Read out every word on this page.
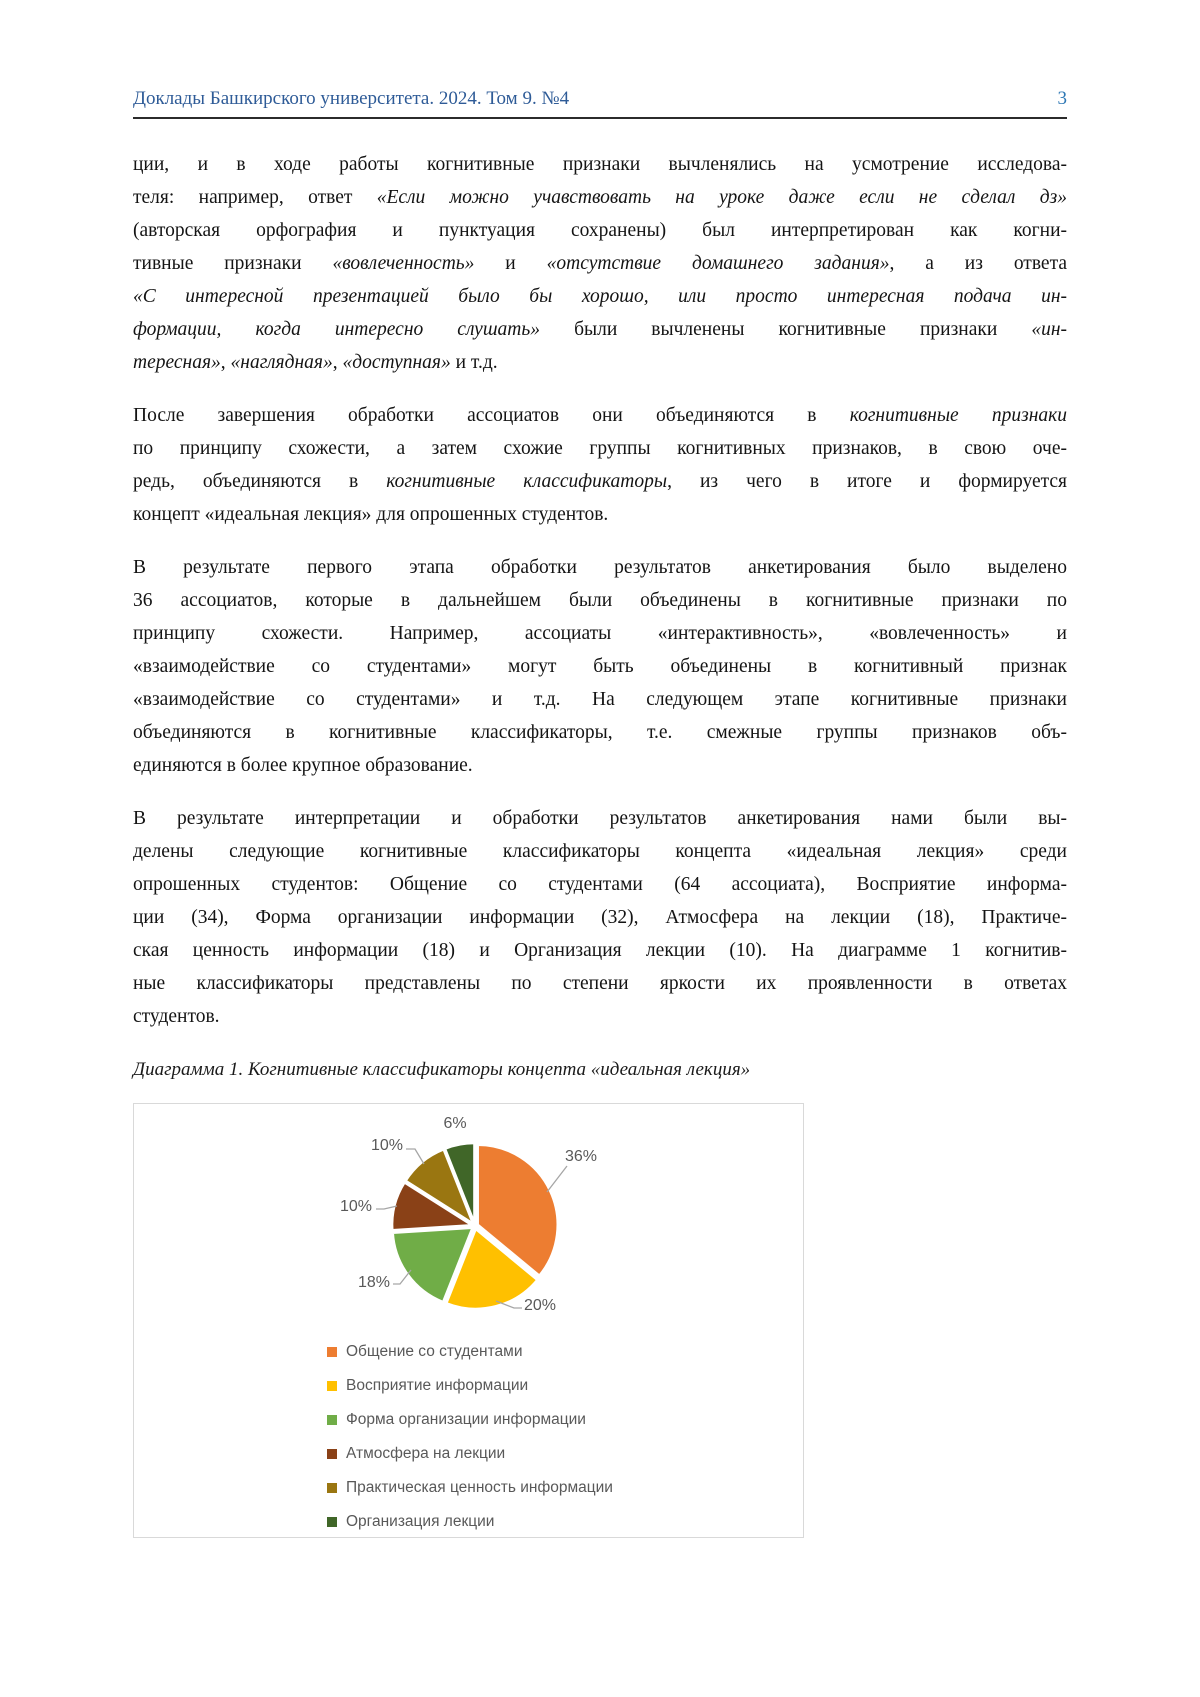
Доклады Башкирского университета. 2024. Том 9. №4	3
ции, и в ходе работы когнитивные признаки вычленялись на усмотрение исследова-
теля: например, ответ «Если можно учавствовать на уроке даже если не сделал дз»
(авторская орфография и пунктуация сохранены) был интерпретирован как когни-
тивные признаки «вовлеченность» и «отсутствие домашнего задания», а из ответа
«С интересной презентацией было бы хорошо, или просто интересная подача ин-
формации, когда интересно слушать» были вычленены когнитивные признаки «ин-
тересная», «наглядная», «доступная» и т.д.
После завершения обработки ассоциатов они объединяются в когнитивные признаки
по принципу схожести, а затем схожие группы когнитивных признаков, в свою оче-
редь, объединяются в когнитивные классификаторы, из чего в итоге и формируется
концепт «идеальная лекция» для опрошенных студентов.
В результате первого этапа обработки результатов анкетирования было выделено
36 ассоциатов, которые в дальнейшем были объединены в когнитивные признаки по
принципу схожести. Например, ассоциаты «интерактивность», «вовлеченность» и
«взаимодействие со студентами» могут быть объединены в когнитивный признак
«взаимодействие со студентами» и т.д. На следующем этапе когнитивные признаки
объединяются в когнитивные классификаторы, т.е. смежные группы признаков объ-
единяются в более крупное образование.
В результате интерпретации и обработки результатов анкетирования нами были вы-
делены следующие когнитивные классификаторы концепта «идеальная лекция» среди
опрошенных студентов: Общение со студентами (64 ассоциата), Восприятие информа-
ции (34), Форма организации информации (32), Атмосфера на лекции (18), Практиче-
ская ценность информации (18) и Организация лекции (10). На диаграмме 1 когнитив-
ные классификаторы представлены по степени яркости их проявленности в ответах
студентов.
Диаграмма 1. Когнитивные классификаторы концепта «идеальная лекция»
36%
20%
18%
10%
10%
6%
Общение со студентами
Восприятие информации
Форма организации информации
Атмосфера на лекции
Практическая ценность информации
Организация лекции
